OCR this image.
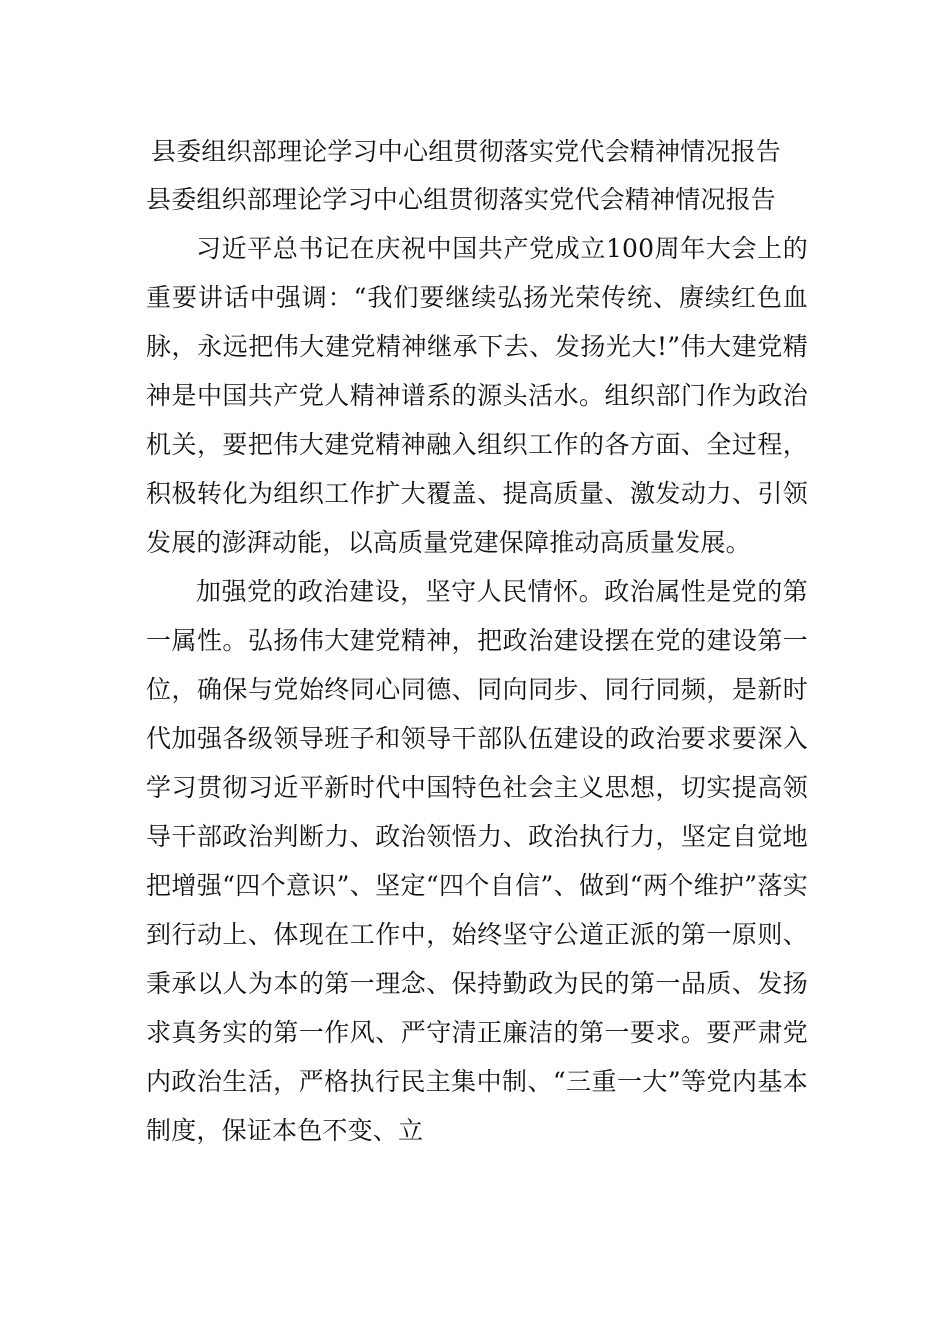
县委组织部理论学习中心组贯彻落实党代会精神情况报告
县委组织部理论学习中心组贯彻落实党代会精神情况报告

习近平总书记在庆祝中国共产党成立100周年大会上的重要讲话中强调：“我们要继续弘扬光荣传统、赓续红色血脉，永远把伟大建党精神继承下去、发扬光大!”伟大建党精神是中国共产党人精神谱系的源头活水。组织部门作为政治机关，要把伟大建党精神融入组织工作的各方面、全过程，积极转化为组织工作扩大覆盖、提高质量、激发动力、引领发展的澎湃动能，以高质量党建保障推动高质量发展。

加强党的政治建设，坚守人民情怀。政治属性是党的第一属性。弘扬伟大建党精神，把政治建设摆在党的建设第一位，确保与党始终同心同德、同向同步、同行同频，是新时代加强各级领导班子和领导干部队伍建设的政治要求要深入学习贯彻习近平新时代中国特色社会主义思想，切实提高领导干部政治判断力、政治领悟力、政治执行力，坚定自觉地把增强“四个意识”、坚定“四个自信”、做到“两个维护”落实到行动上、体现在工作中，始终坚守公道正派的第一原则、秉承以人为本的第一理念、保持勤政为民的第一品质、发扬求真务实的第一作风、严守清正廉洁的第一要求。要严肃党内政治生活，严格执行民主集中制、“三重一大”等党内基本制度，保证本色不变、立
